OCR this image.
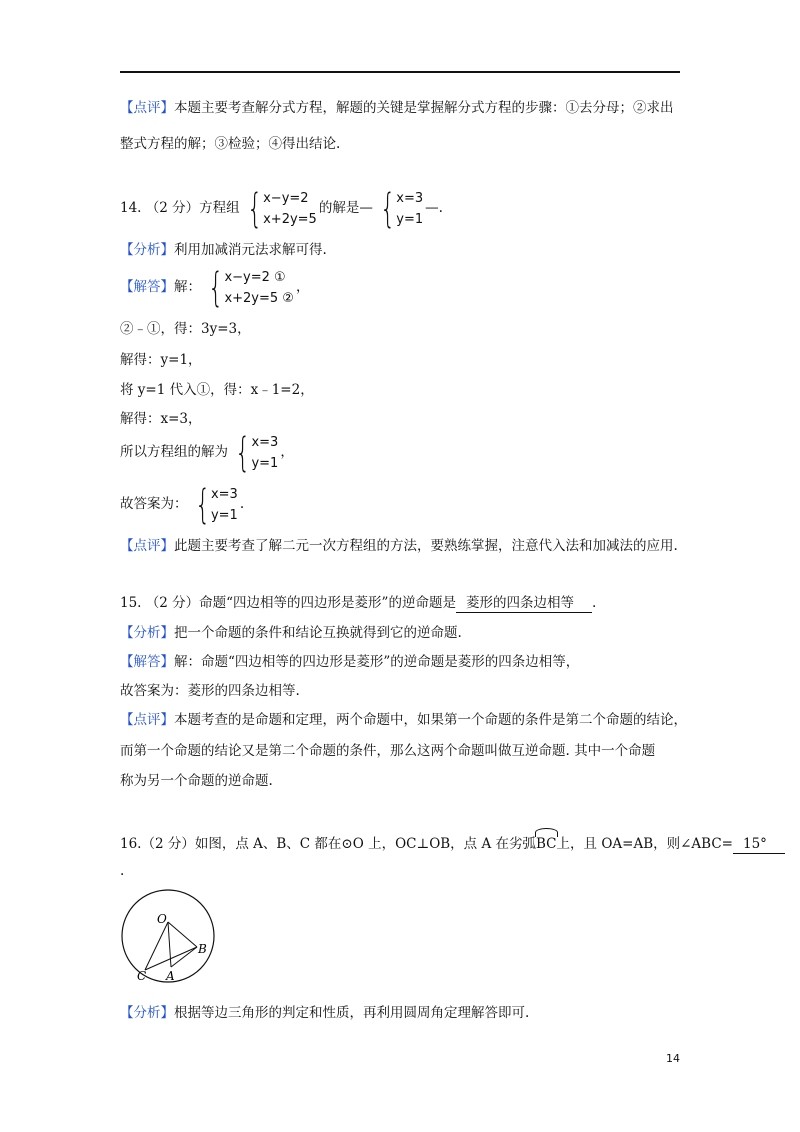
【点评】本题主要考查解分式方程，解题的关键是掌握解分式方程的步骤：①去分母；②求出
整式方程的解；③检验；④得出结论.
14. （2 分）方程组 { x−y=2
x+2y=5
的解是— { x=3
y=1
—.
【分析】利用加减消元法求解可得.
【解答】解： { x−y=2 ①
x+2y=5 ②
，
②﹣①，得：3y=3，
解得：y=1，
将 y=1 代入①，得：x﹣1=2，
解得：x=3，
所以方程组的解为 { x=3
y=1
，
故答案为： { x=3
y=1
.
【点评】此题主要考查了解二元一次方程组的方法，要熟练掌握，注意代入法和加减法的应用.
15. （2 分）命题“四边相等的四边形是菱形”的逆命题是 菱形的四条边相等 .
【分析】把一个命题的条件和结论互换就得到它的逆命题.
【解答】解：命题“四边相等的四边形是菱形”的逆命题是菱形的四条边相等，
故答案为：菱形的四条边相等.
【点评】本题考查的是命题和定理，两个命题中，如果第一个命题的条件是第二个命题的结论，
而第一个命题的结论又是第二个命题的条件，那么这两个命题叫做互逆命题. 其中一个命题
称为另一个命题的逆命题.
16.（2 分）如图，点 A、B、C 都在⊙O 上，OC⊥OB，点 A 在劣弧BC上，且 OA=AB，则∠ABC= 15°
.
O
B
C A
【分析】根据等边三角形的判定和性质，再利用圆周角定理解答即可.
14
